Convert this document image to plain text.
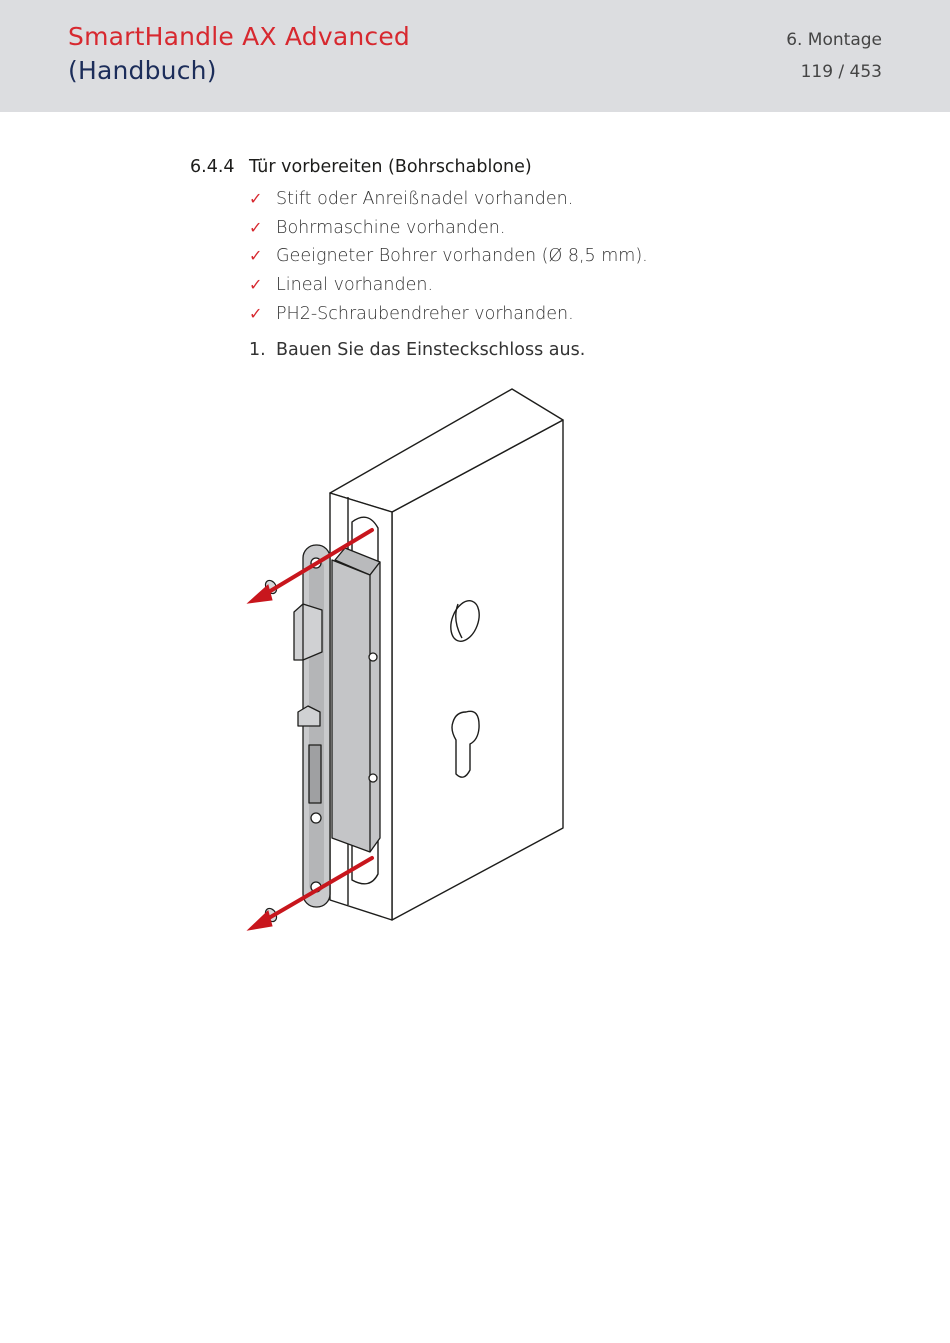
SmartHandle AX Advanced
(Handbuch)
6. Montage
119 / 453
6.4.4 Tür vorbereiten (Bohrschablone)
✓ Stift oder Anreißnadel vorhanden.
✓ Bohrmaschine vorhanden.
✓ Geeigneter Bohrer vorhanden (Ø 8,5 mm).
✓ Lineal vorhanden.
✓ PH2-Schraubendreher vorhanden.
1. Bauen Sie das Einsteckschloss aus.
